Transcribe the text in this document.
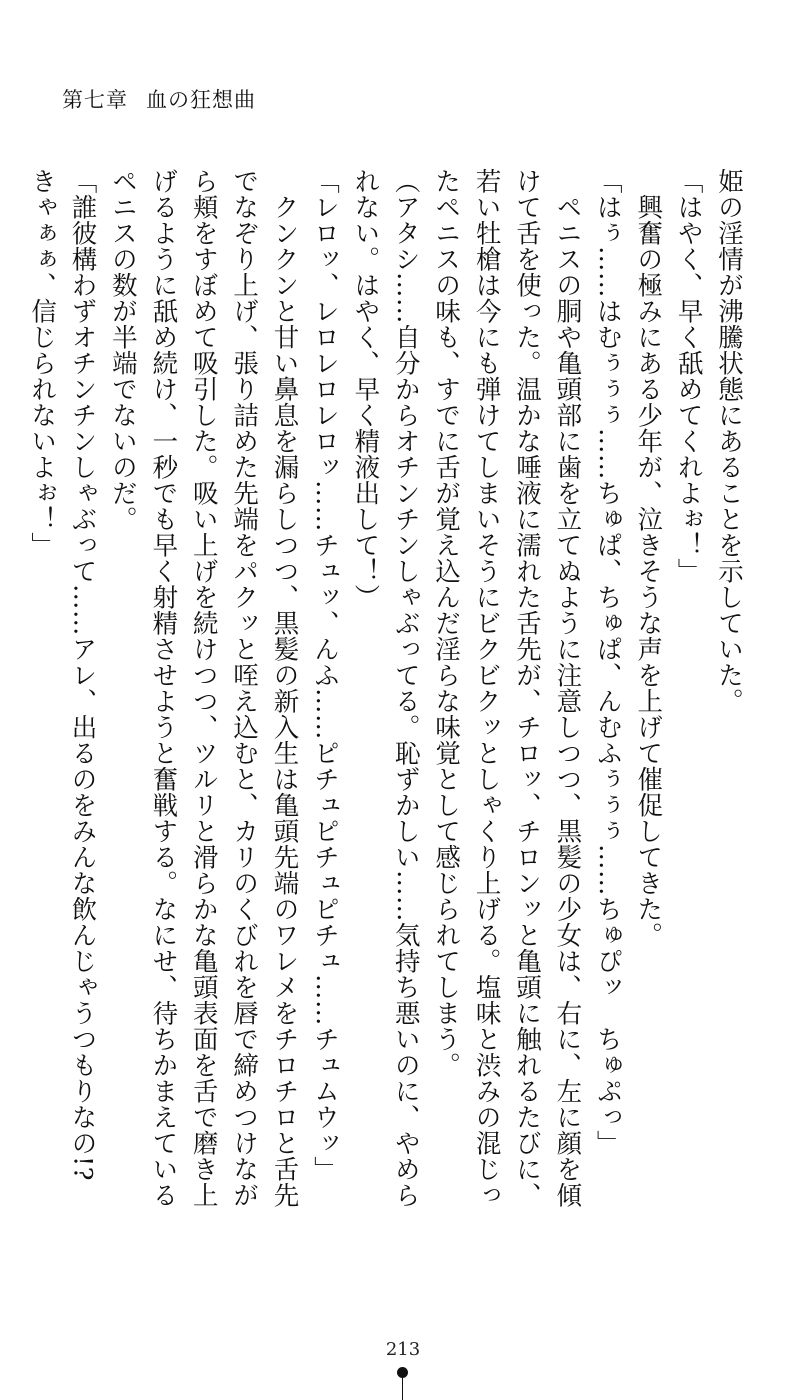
第七章 血の狂想曲
姫の淫情が沸騰状態にあることを示していた。
「はやく、早く舐めてくれよぉ！」
　興奮の極みにある少年が、泣きそうな声を上げて催促してきた。
「はぅ……はむぅぅぅ……ちゅぱ、ちゅぱ、んむふぅぅぅ……ちゅぴッ　ちゅぷっ」
　ペニスの胴や亀頭部に歯を立てぬように注意しつつ、黒髪の少女は、右に、左に顔を傾
けて舌を使った。温かな唾液に濡れた舌先が、チロッ、チロンッと亀頭に触れるたびに、
若い牡槍は今にも弾けてしまいそうにビクビクッとしゃくり上げる。塩味と渋みの混じっ
たペニスの味も、すでに舌が覚え込んだ淫らな味覚として感じられてしまう。
（アタシ……自分からオチンチンしゃぶってる。恥ずかしい……気持ち悪いのに、やめら
れない。はやく、早く精液出して！）
「レロッ、レロレロレロッ……チュッ、んふ……ピチュピチュピチュ……チュムウッ」
　クンクンと甘い鼻息を漏らしつつ、黒髪の新入生は亀頭先端のワレメをチロチロと舌先
でなぞり上げ、張り詰めた先端をパクッと咥え込むと、カリのくびれを唇で締めつけなが
ら頬をすぼめて吸引した。吸い上げを続けつつ、ツルリと滑らかな亀頭表面を舌で磨き上
げるように舐め続け、一秒でも早く射精させようと奮戦する。なにせ、待ちかまえている
ペニスの数が半端でないのだ。
「誰彼構わずオチンチンしゃぶって……アレ、出るのをみんな飲んじゃうつもりなの!?
きゃぁぁ、信じられないよぉ！」
213
